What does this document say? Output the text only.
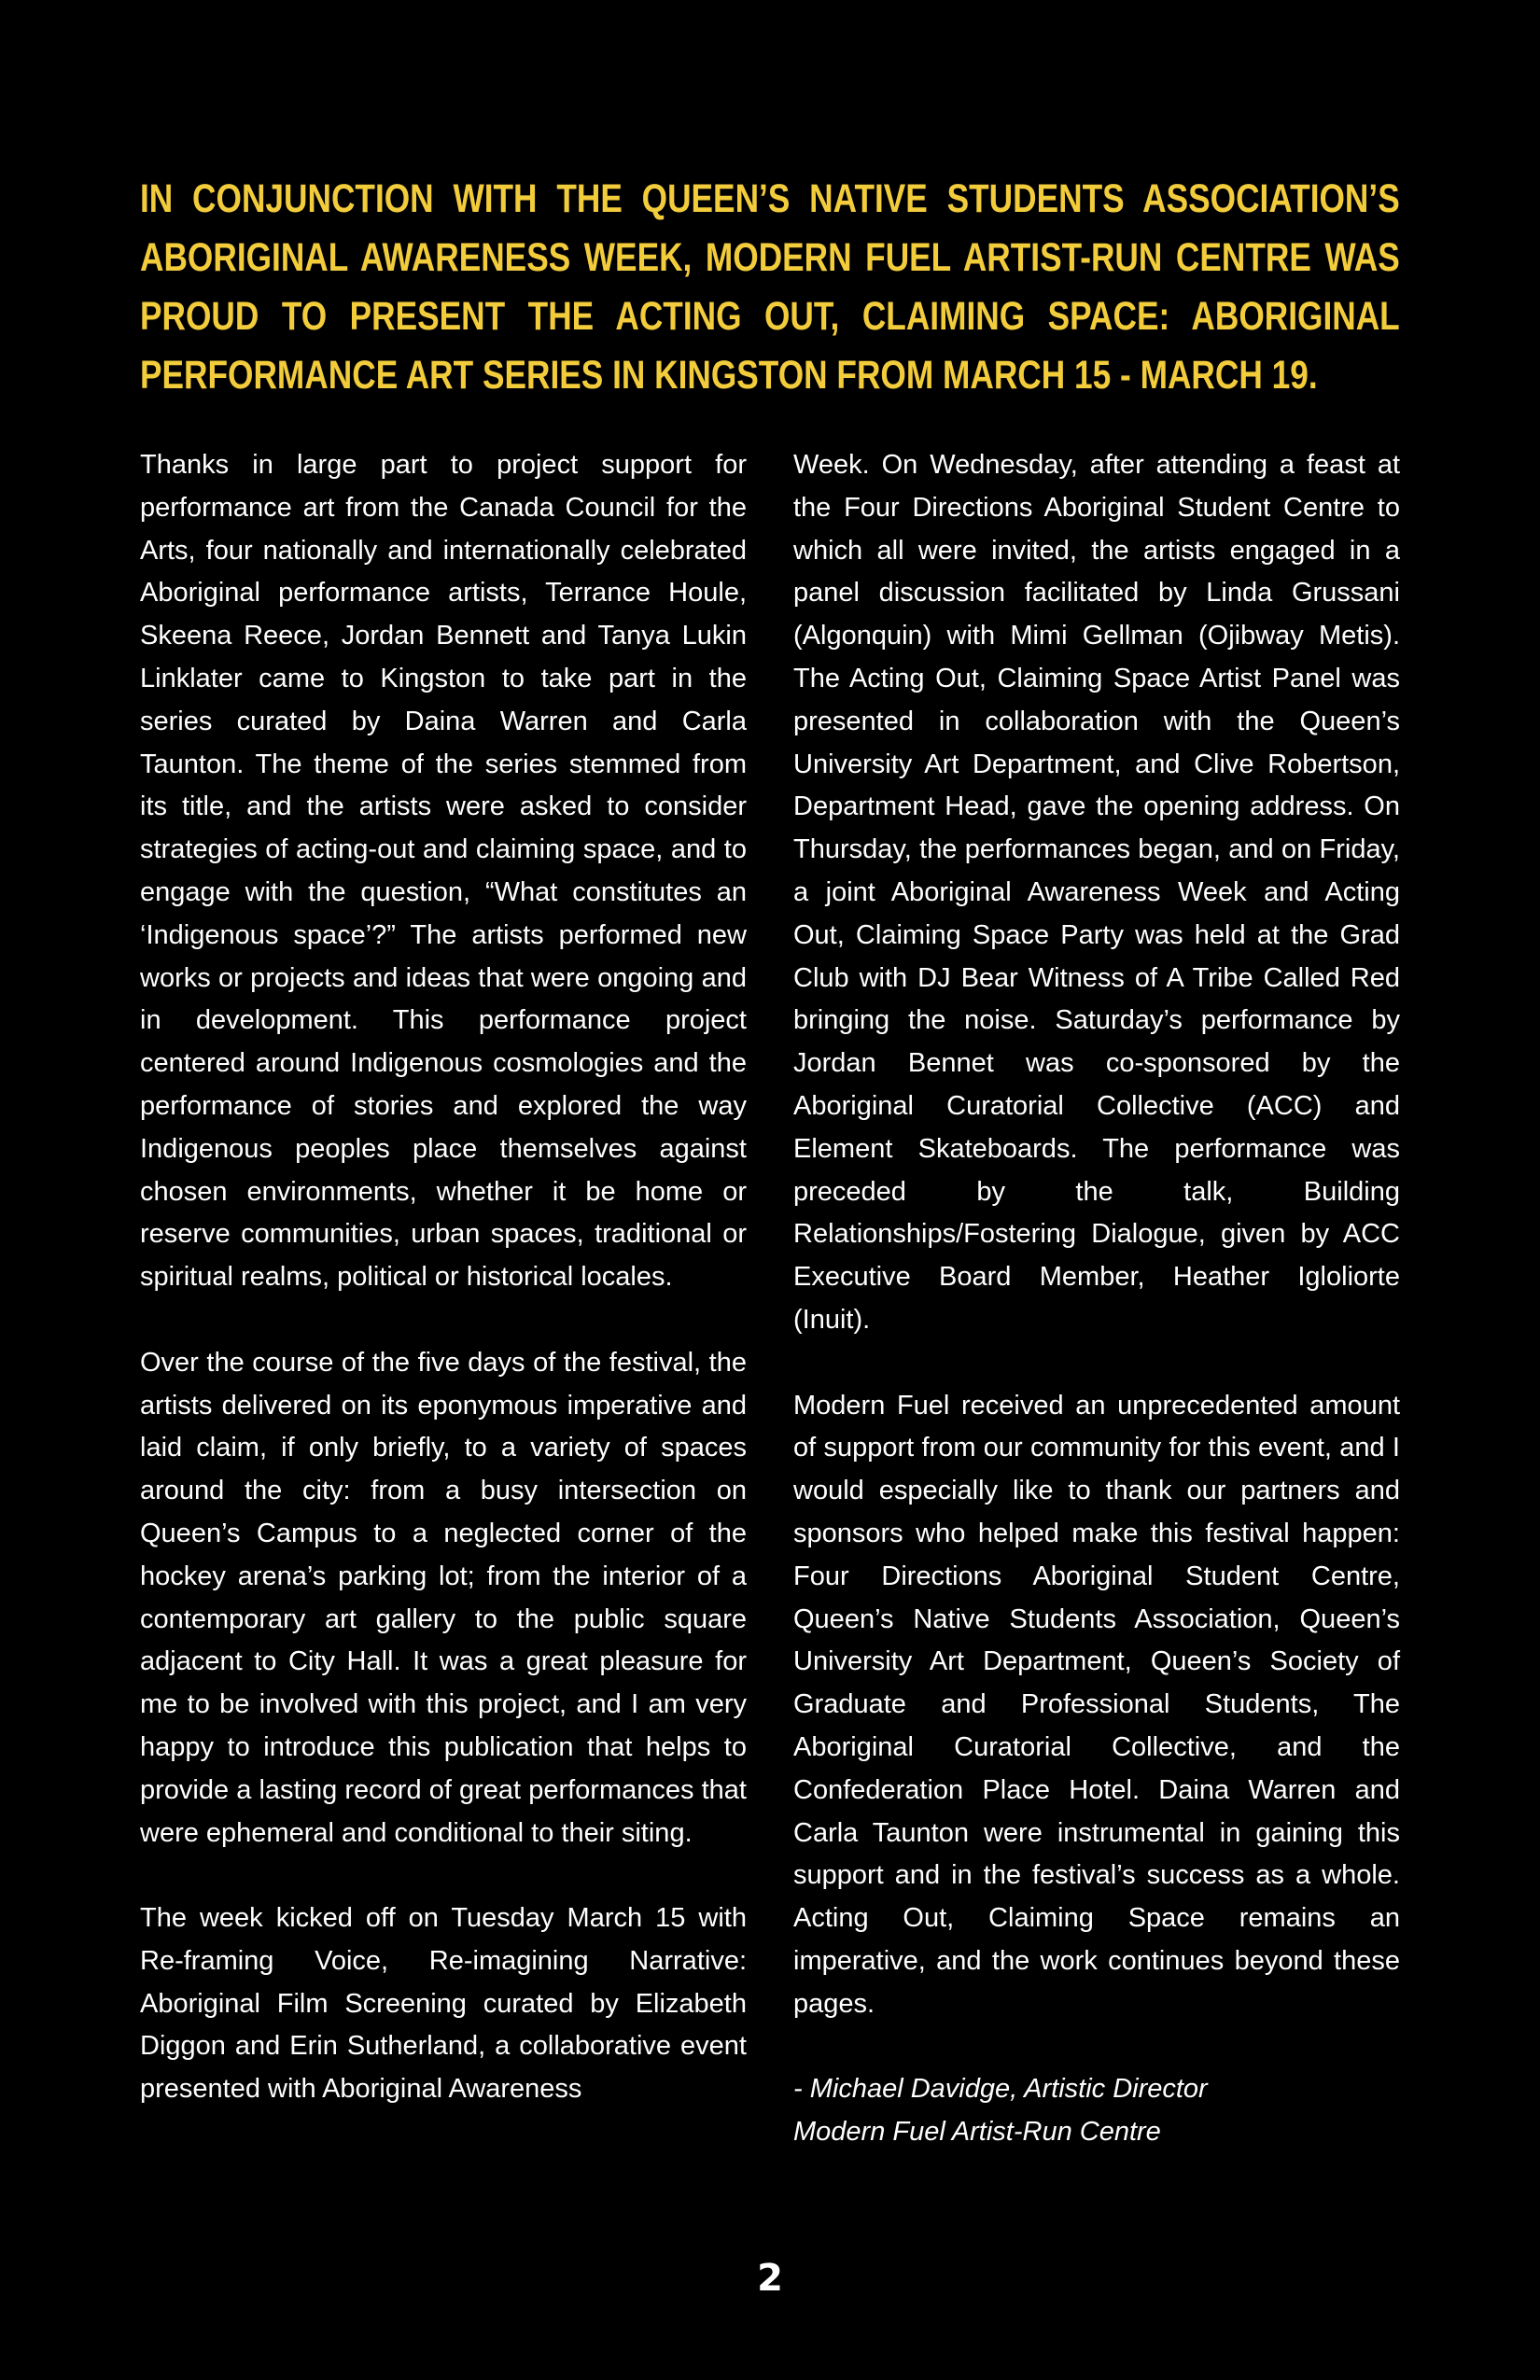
IN CONJUNCTION WITH THE QUEEN’S NATIVE STUDENTS ASSOCIATION’S ABORIGINAL AWARENESS WEEK, MODERN FUEL ARTIST-RUN CENTRE WAS PROUD TO PRESENT THE ACTING OUT, CLAIMING SPACE: ABORIGINAL PERFORMANCE ART SERIES IN KINGSTON FROM MARCH 15 - MARCH 19.

Thanks in large part to project support for performance art from the Canada Council for the Arts, four nationally and internationally celebrated Aboriginal performance artists, Terrance Houle, Skeena Reece, Jordan Bennett and Tanya Lukin Linklater came to Kingston to take part in the series curated by Daina Warren and Carla Taunton. The theme of the series stemmed from its title, and the artists were asked to consider strategies of acting-out and claiming space, and to engage with the question, “What constitutes an ‘Indigenous space’?” The artists performed new works or projects and ideas that were ongoing and in development. This performance project centered around Indigenous cosmologies and the performance of stories and explored the way Indigenous peoples place themselves against chosen environments, whether it be home or reserve communities, urban spaces, traditional or spiritual realms, political or historical locales.

Over the course of the five days of the festival, the artists delivered on its eponymous imperative and laid claim, if only briefly, to a variety of spaces around the city: from a busy intersection on Queen’s Campus to a neglected corner of the hockey arena’s parking lot; from the interior of a contemporary art gallery to the public square adjacent to City Hall. It was a great pleasure for me to be involved with this project, and I am very happy to introduce this publication that helps to provide a lasting record of great performances that were ephemeral and conditional to their siting.

The week kicked off on Tuesday March 15 with Re-framing Voice, Re-imagining Narrative: Aboriginal Film Screening curated by Elizabeth Diggon and Erin Sutherland, a collaborative event presented with Aboriginal Awareness

Week. On Wednesday, after attending a feast at the Four Directions Aboriginal Student Centre to which all were invited, the artists engaged in a panel discussion facilitated by Linda Grussani (Algonquin) with Mimi Gellman (Ojibway Metis). The Acting Out, Claiming Space Artist Panel was presented in collaboration with the Queen’s University Art Department, and Clive Robertson, Department Head, gave the opening address. On Thursday, the performances began, and on Friday, a joint Aboriginal Awareness Week and Acting Out, Claiming Space Party was held at the Grad Club with DJ Bear Witness of A Tribe Called Red bringing the noise. Saturday’s performance by Jordan Bennet was co-sponsored by the Aboriginal Curatorial Collective (ACC) and Element Skateboards. The performance was preceded by the talk, Building Relationships/Fostering Dialogue, given by ACC Executive Board Member, Heather Igloliorte (Inuit).

Modern Fuel received an unprecedented amount of support from our community for this event, and I would especially like to thank our partners and sponsors who helped make this festival happen: Four Directions Aboriginal Student Centre, Queen’s Native Students Association, Queen’s University Art Department, Queen’s Society of Graduate and Professional Students, The Aboriginal Curatorial Collective, and the Confederation Place Hotel. Daina Warren and Carla Taunton were instrumental in gaining this support and in the festival’s success as a whole. Acting Out, Claiming Space remains an imperative, and the work continues beyond these pages.

- Michael Davidge, Artistic Director
Modern Fuel Artist-Run Centre

2
